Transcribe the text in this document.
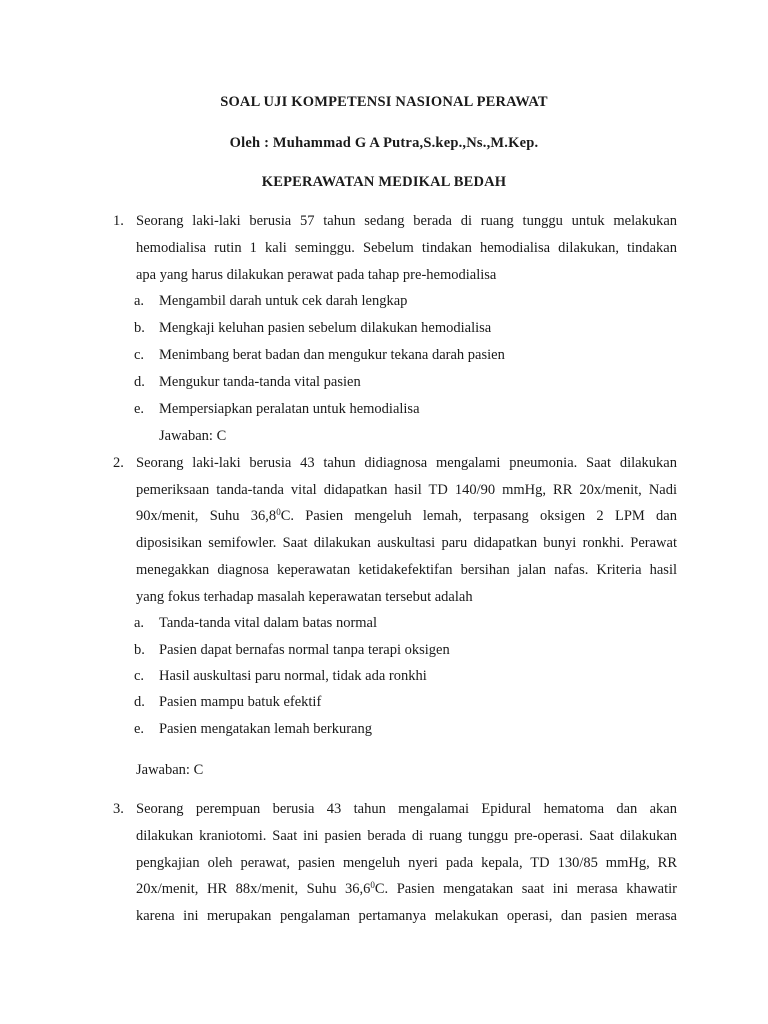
SOAL UJI KOMPETENSI NASIONAL PERAWAT
Oleh : Muhammad G A Putra,S.kep.,Ns.,M.Kep.
KEPERAWATAN MEDIKAL BEDAH
1. Seorang laki-laki berusia 57 tahun sedang berada di ruang tunggu untuk melakukan
hemodialisa rutin 1 kali seminggu. Sebelum tindakan hemodialisa dilakukan, tindakan
apa yang harus dilakukan perawat pada tahap pre-hemodialisa
a. Mengambil darah untuk cek darah lengkap
b. Mengkaji keluhan pasien sebelum dilakukan hemodialisa
c. Menimbang berat badan dan mengukur tekana darah pasien
d. Mengukur tanda-tanda vital pasien
e. Mempersiapkan peralatan untuk hemodialisa
Jawaban: C
2. Seorang laki-laki berusia 43 tahun didiagnosa mengalami pneumonia. Saat dilakukan
pemeriksaan tanda-tanda vital didapatkan hasil TD 140/90 mmHg, RR 20x/menit, Nadi
90x/menit, Suhu 36,8$^0$C. Pasien mengeluh lemah, terpasang oksigen 2 LPM dan
diposisikan semifowler. Saat dilakukan auskultasi paru didapatkan bunyi ronkhi. Perawat
menegakkan diagnosa keperawatan ketidakefektifan bersihan jalan nafas. Kriteria hasil
yang fokus terhadap masalah keperawatan tersebut adalah
a. Tanda-tanda vital dalam batas normal
b. Pasien dapat bernafas normal tanpa terapi oksigen
c. Hasil auskultasi paru normal, tidak ada ronkhi
d. Pasien mampu batuk efektif
e. Pasien mengatakan lemah berkurang
Jawaban: C
3. Seorang perempuan berusia 43 tahun mengalamai Epidural hematoma dan akan
dilakukan kraniotomi. Saat ini pasien berada di ruang tunggu pre-operasi. Saat dilakukan
pengkajian oleh perawat, pasien mengeluh nyeri pada kepala, TD 130/85 mmHg, RR
20x/menit, HR 88x/menit, Suhu 36,6$^0$C. Pasien mengatakan saat ini merasa khawatir
karena ini merupakan pengalaman pertamanya melakukan operasi, dan pasien merasa
